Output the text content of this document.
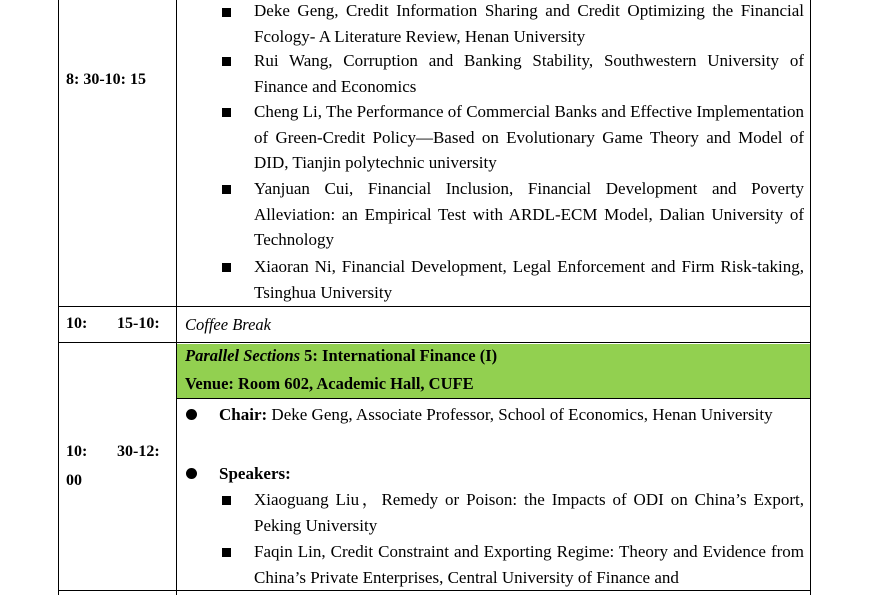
8: 30-10: 15
Deke Geng, Credit Information Sharing and Credit Optimizing the Financial Fcology- A Literature Review, Henan University
Rui Wang, Corruption and Banking Stability, Southwestern University of Finance and Economics
Cheng Li, The Performance of Commercial Banks and Effective Implementation of Green-Credit Policy—Based on Evolutionary Game Theory and Model of DID, Tianjin polytechnic university
Yanjuan Cui, Financial Inclusion, Financial Development and Poverty Alleviation: an Empirical Test with ARDL-ECM Model, Dalian University of Technology
Xiaoran Ni, Financial Development, Legal Enforcement and Firm Risk-taking, Tsinghua University
10: 15-10: Coffee Break
Parallel Sections 5: International Finance (I)
Venue: Room 602, Academic Hall, CUFE
10: 30-12:
00
Chair: Deke Geng, Associate Professor, School of Economics, Henan University
Speakers:
Xiaoguang Liu，Remedy or Poison: the Impacts of ODI on China’s Export, Peking University
Faqin Lin, Credit Constraint and Exporting Regime: Theory and Evidence from China’s Private Enterprises, Central University of Finance and
